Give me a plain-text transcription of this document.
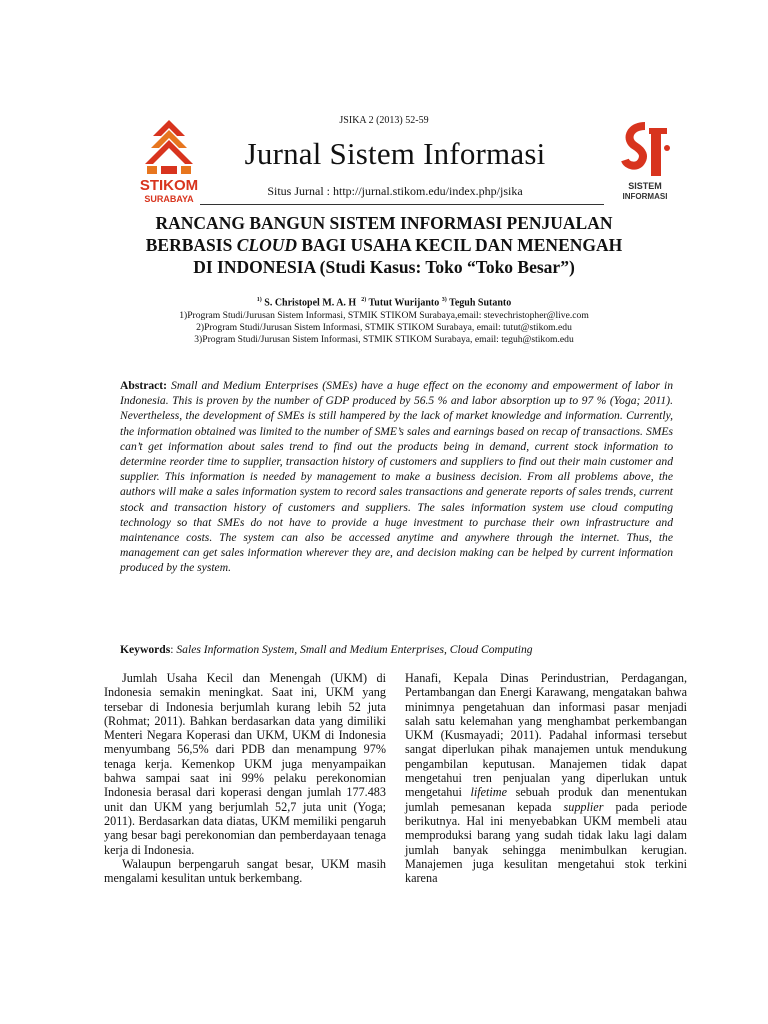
JSIKA 2 (2013) 52-59
STIKOM
SURABAYA
Jurnal Sistem Informasi
Situs Jurnal : http://jurnal.stikom.edu/index.php/jsika	SISTEM
INFORMASI
RANCANG BANGUN SISTEM INFORMASI PENJUALAN
BERBASIS CLOUD BAGI USAHA KECIL DAN MENENGAH
DI INDONESIA (Studi Kasus: Toko “Toko Besar”)
$^{1)}$ S. Christopel M. A. H $^{2)}$ Tutut Wurijanto $^{3)}$ Teguh Sutanto
1)Program Studi/Jurusan Sistem Informasi, STMIK STIKOM Surabaya,email: stevechristopher@live.com
2)Program Studi/Jurusan Sistem Informasi, STMIK STIKOM Surabaya, email: tutut@stikom.edu
3)Program Studi/Jurusan Sistem Informasi, STMIK STIKOM Surabaya, email: teguh@stikom.edu
Abstract: Small and Medium Enterprises (SMEs) have a huge effect on the economy and empowerment of labor in Indonesia. This is proven by the number of GDP produced by 56.5 % and labor absorption up to 97 % (Yoga; 2011). Nevertheless, the development of SMEs is still hampered by the lack of market knowledge and information. Currently, the information obtained was limited to the number of SME’s sales and earnings based on recap of transactions. SMEs can’t get information about sales trend to find out the products being in demand, current stock information to determine reorder time to supplier, transaction history of customers and suppliers to find out their main customer and supplier. This information is needed by management to make a business decision. From all problems above, the authors will make a sales information system to record sales transactions and generate reports of sales trends, current stock and transaction history of customers and suppliers. The sales information system use cloud computing technology so that SMEs do not have to provide a huge investment to purchase their own infrastructure and maintenance costs. The system can also be accessed anytime and anywhere through the internet. Thus, the management can get sales information wherever they are, and decision making can be helped by current information produced by the system.
Keywords: Sales Information System, Small and Medium Enterprises, Cloud Computing

Jumlah Usaha Kecil dan Menengah (UKM) di Indonesia semakin meningkat. Saat ini, UKM yang tersebar di Indonesia berjumlah kurang lebih 52 juta (Rohmat; 2011). Bahkan berdasarkan data yang dimiliki Menteri Negara Koperasi dan UKM, UKM di Indonesia menyumbang 56,5% dari PDB dan menampung 97% tenaga kerja. Kemenkop UKM juga menyampaikan bahwa sampai saat ini 99% pelaku perekonomian Indonesia berasal dari koperasi dengan jumlah 177.483 unit dan UKM yang berjumlah 52,7 juta unit (Yoga; 2011). Berdasarkan data diatas, UKM memiliki pengaruh yang besar bagi perekonomian dan pemberdayaan tenaga kerja di Indonesia.

Walaupun berpengaruh sangat besar, UKM masih mengalami kesulitan untuk berkembang.

Hanafi, Kepala Dinas Perindustrian, Perdagangan, Pertambangan dan Energi Karawang, mengatakan bahwa minimnya pengetahuan dan informasi pasar menjadi salah satu kelemahan yang menghambat perkembangan UKM (Kusmayadi; 2011). Padahal informasi tersebut sangat diperlukan pihak manajemen untuk mendukung pengambilan keputusan. Manajemen tidak dapat mengetahui tren penjualan yang diperlukan untuk mengetahui lifetime sebuah produk dan menentukan jumlah pemesanan kepada supplier pada periode berikutnya. Hal ini menyebabkan UKM membeli atau memproduksi barang yang sudah tidak laku lagi dalam jumlah banyak sehingga menimbulkan kerugian. Manajemen juga kesulitan mengetahui stok terkini karena
